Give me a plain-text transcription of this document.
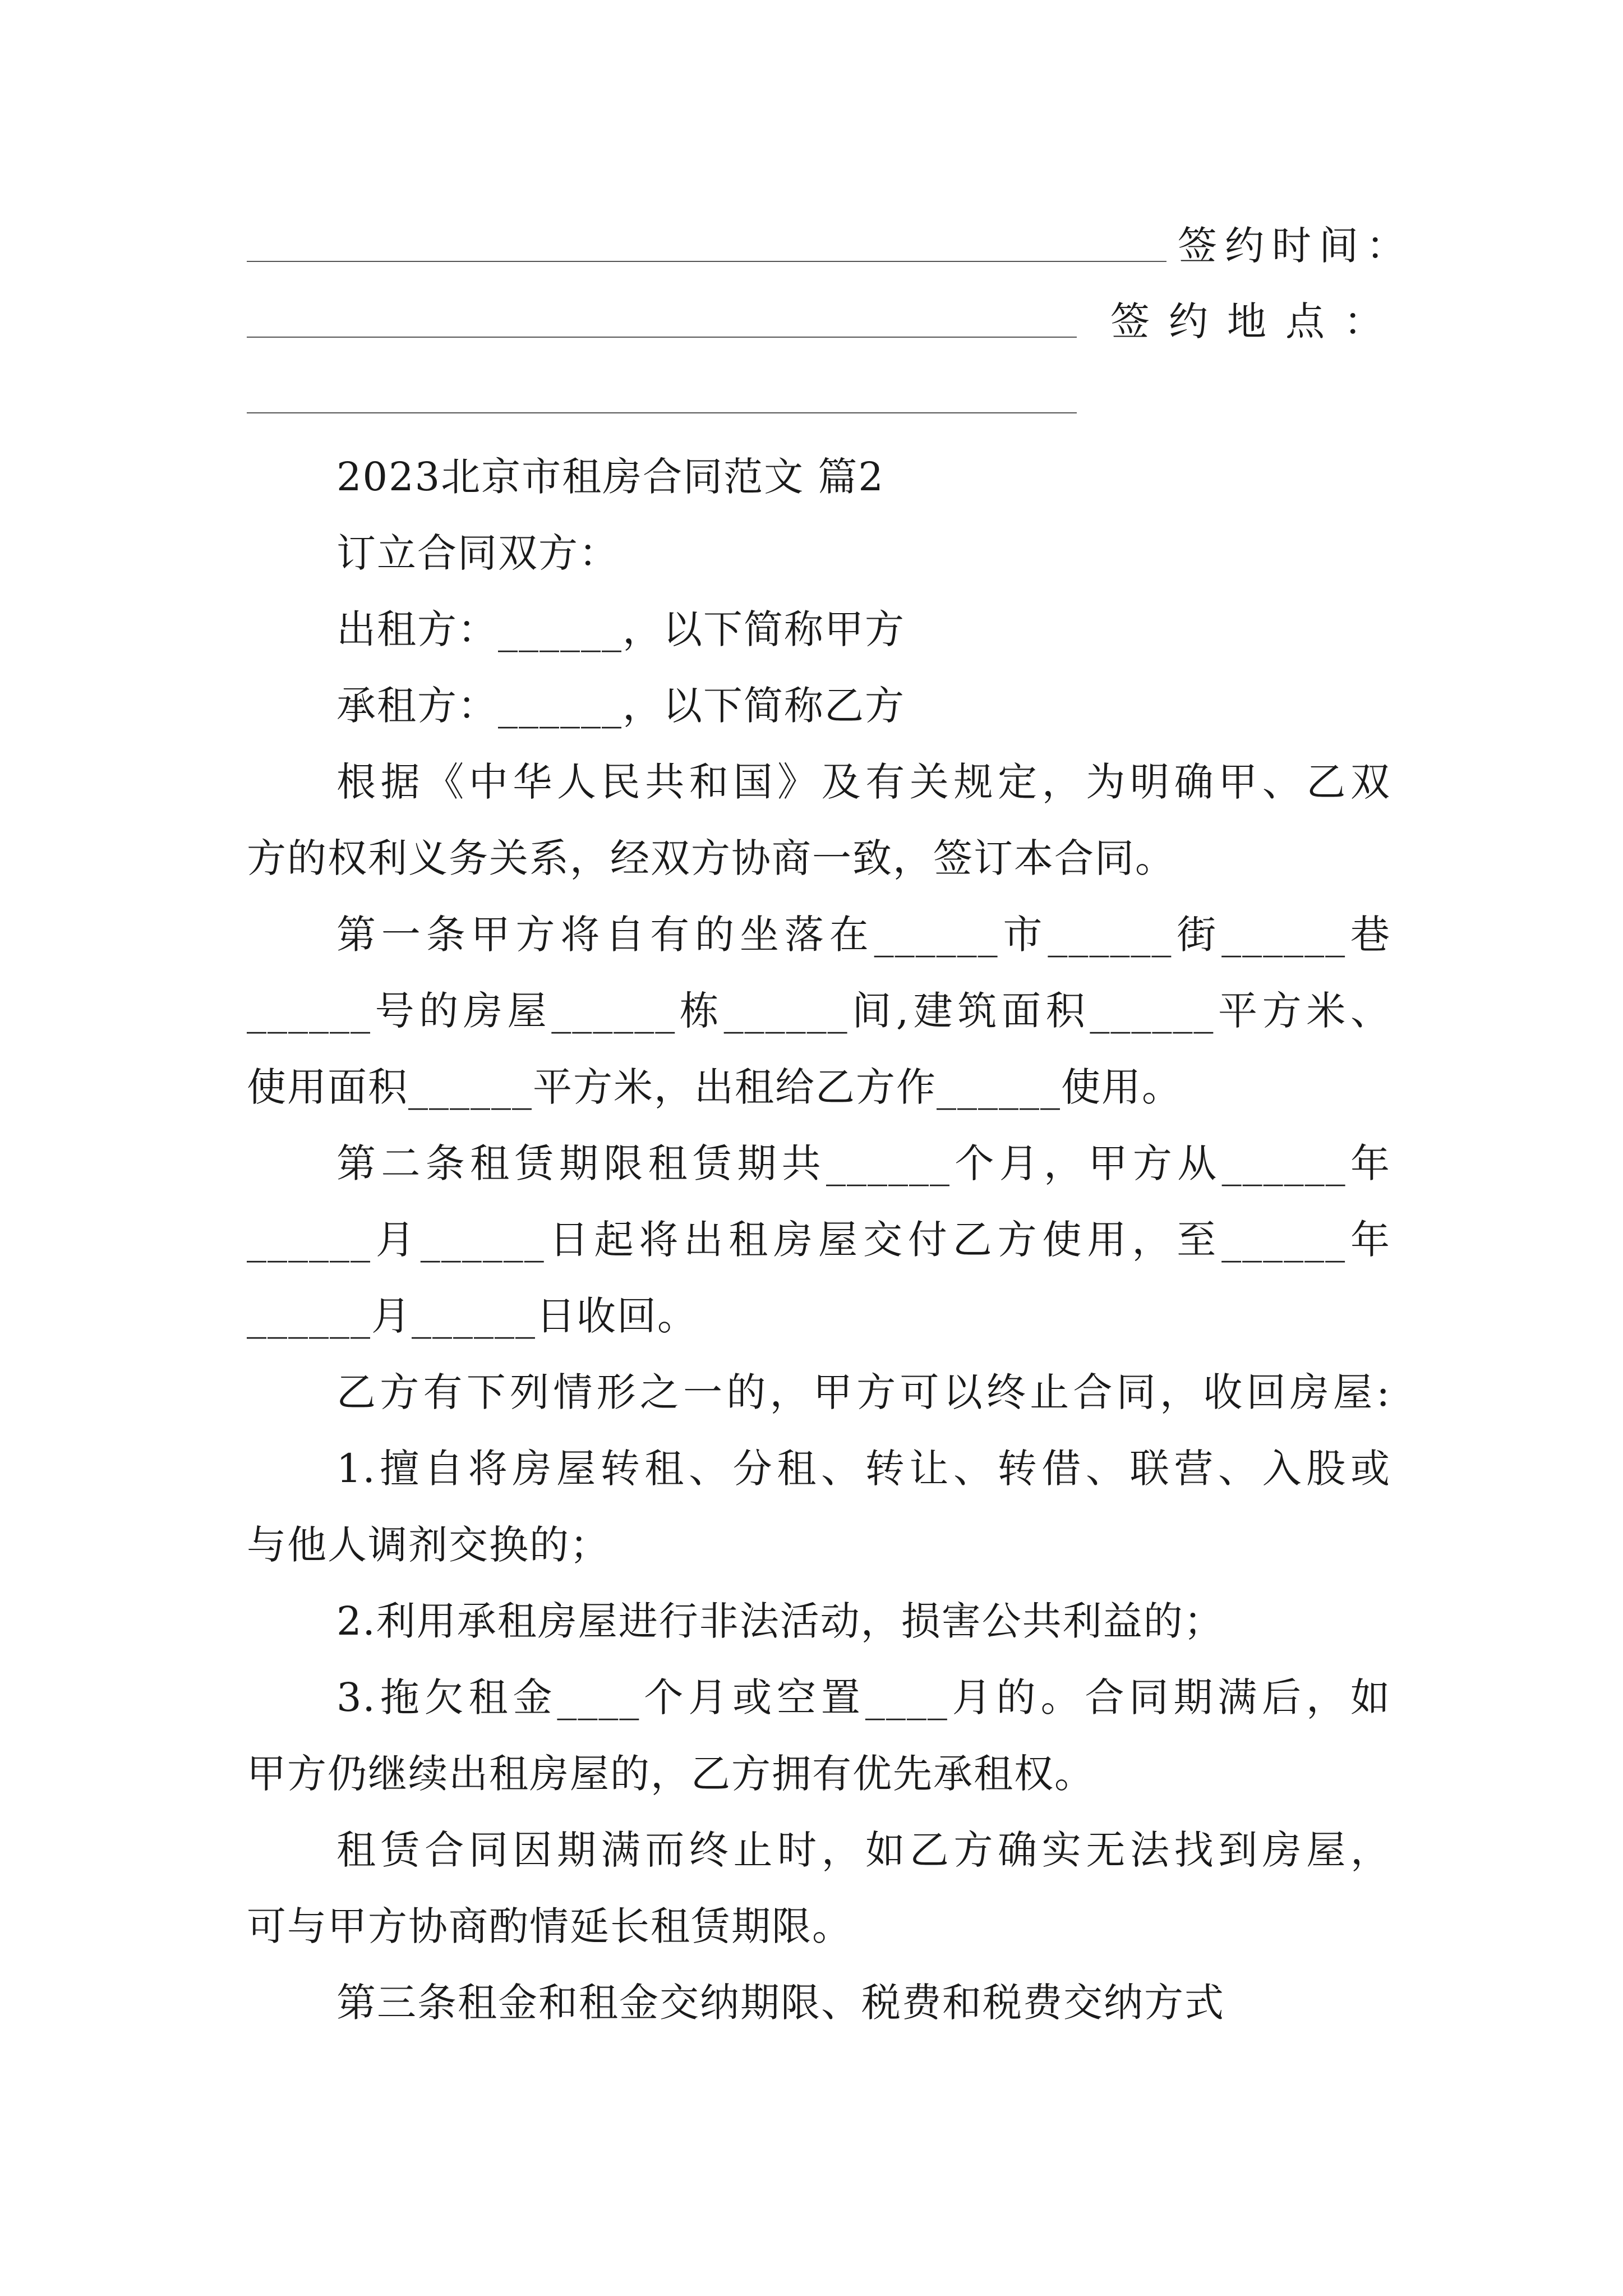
签约时间：
签约地点：
2023北京市租房合同范文 篇2
订立合同双方：
出租方：______，以下简称甲方
承租方：______，以下简称乙方
根据《中华人民共和国》及有关规定，为明确甲、乙双
方的权利义务关系，经双方协商一致，签订本合同。
第一条甲方将自有的坐落在______市______街______巷
______号的房屋______栋______间,建筑面积______平方米、
使用面积______平方米，出租给乙方作______使用。
第二条租赁期限租赁期共______个月，甲方从______年
______月______日起将出租房屋交付乙方使用，至______年
______月______日收回。
乙方有下列情形之一的，甲方可以终止合同，收回房屋:
1.擅自将房屋转租、分租、转让、转借、联营、入股或
与他人调剂交换的；
2.利用承租房屋进行非法活动，损害公共利益的；
3.拖欠租金____个月或空置____月的。合同期满后，如
甲方仍继续出租房屋的，乙方拥有优先承租权。
租赁合同因期满而终止时，如乙方确实无法找到房屋，
可与甲方协商酌情延长租赁期限。
第三条租金和租金交纳期限、税费和税费交纳方式
